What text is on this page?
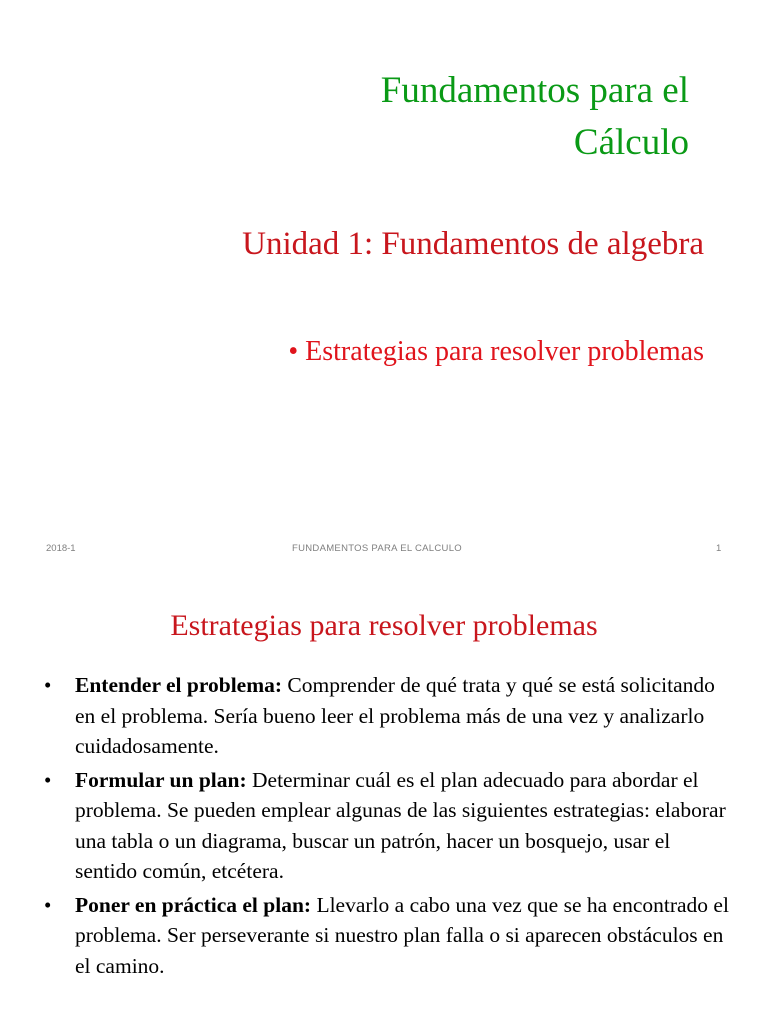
Fundamentos para el
Cálculo
Unidad 1: Fundamentos de algebra
• Estrategias para resolver problemas
2018-1	FUNDAMENTOS PARA EL CALCULO	1
Estrategias para resolver problemas
• Entender el problema: Comprender de qué trata y qué se está solicitando en el problema. Sería bueno leer el problema más de una vez y analizarlo cuidadosamente.
• Formular un plan: Determinar cuál es el plan adecuado para abordar el problema. Se pueden emplear algunas de las siguientes estrategias: elaborar una tabla o un diagrama, buscar un patrón, hacer un bosquejo, usar el sentido común, etcétera.
• Poner en práctica el plan: Llevarlo a cabo una vez que se ha encontrado el problema. Ser perseverante si nuestro plan falla o si aparecen obstáculos en el camino.
